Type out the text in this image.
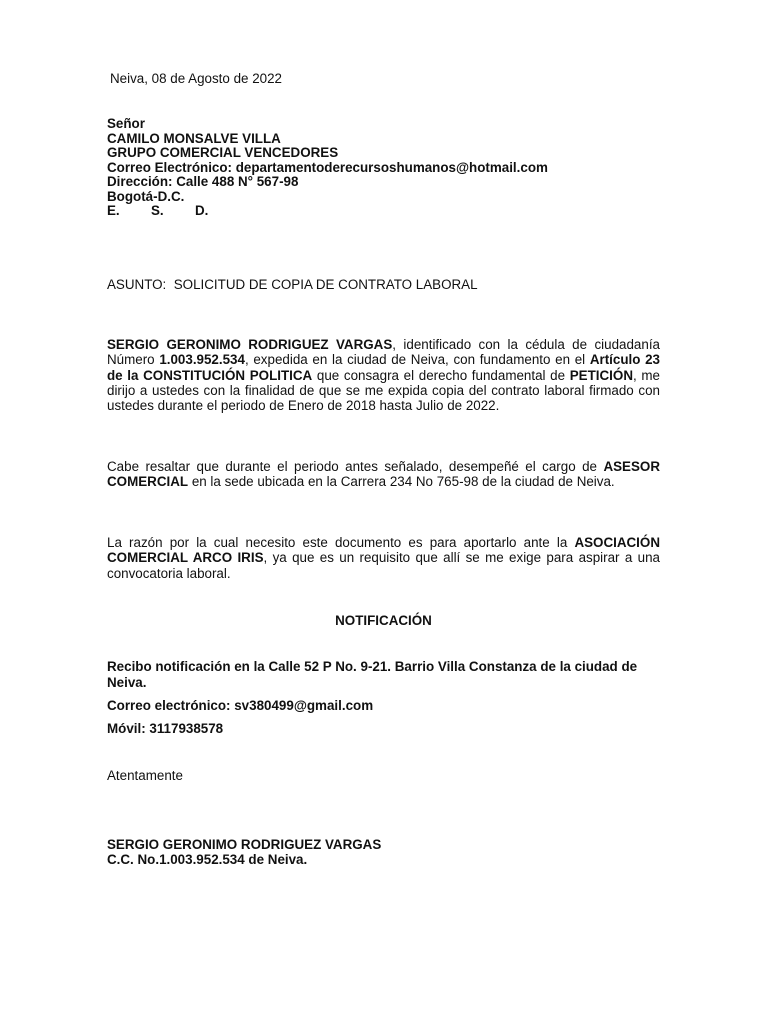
Neiva, 08 de Agosto de 2022
Señor
CAMILO MONSALVE VILLA
GRUPO COMERCIAL VENCEDORES
Correo Electrónico: departamentoderecursoshumanos@hotmail.com
Dirección: Calle 488 N° 567-98
Bogotá-D.C.
E. S. D.
ASUNTO: SOLICITUD DE COPIA DE CONTRATO LABORAL
SERGIO GERONIMO RODRIGUEZ VARGAS, identificado con la cédula de ciudadanía Número 1.003.952.534, expedida en la ciudad de Neiva, con fundamento en el Artículo 23 de la CONSTITUCIÓN POLITICA que consagra el derecho fundamental de PETICIÓN, me dirijo a ustedes con la finalidad de que se me expida copia del contrato laboral firmado con ustedes durante el periodo de Enero de 2018 hasta Julio de 2022.
Cabe resaltar que durante el periodo antes señalado, desempeñé el cargo de ASESOR COMERCIAL en la sede ubicada en la Carrera 234 No 765-98 de la ciudad de Neiva.
La razón por la cual necesito este documento es para aportarlo ante la ASOCIACIÓN COMERCIAL ARCO IRIS, ya que es un requisito que allí se me exige para aspirar a una convocatoria laboral.
NOTIFICACIÓN
Recibo notificación en la Calle 52 P No. 9-21. Barrio Villa Constanza de la ciudad de Neiva.
Correo electrónico: sv380499@gmail.com
Móvil: 3117938578
Atentamente
SERGIO GERONIMO RODRIGUEZ VARGAS
C.C. No.1.003.952.534 de Neiva.
